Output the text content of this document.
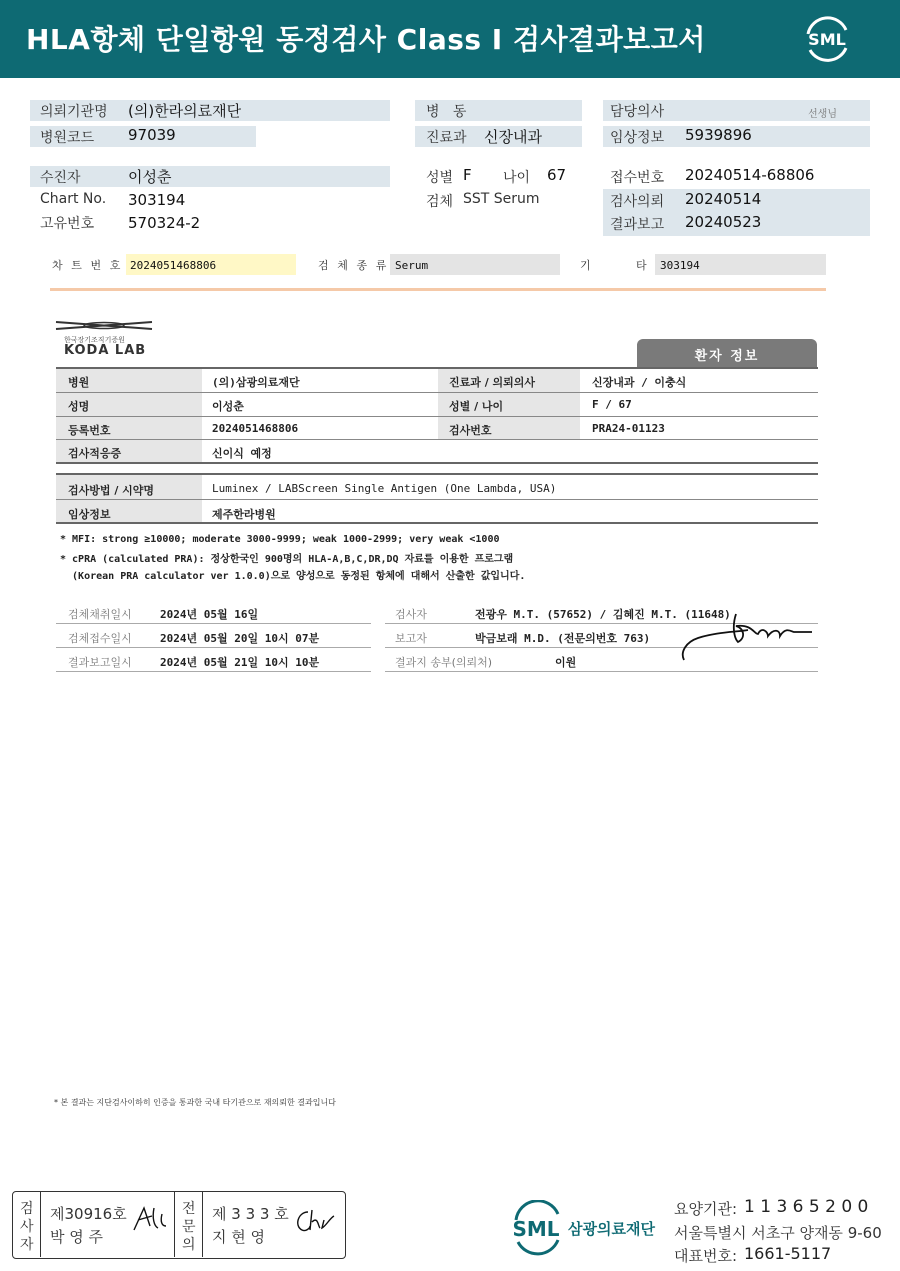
HLA항체 단일항원 동정검사 Class I 검사결과보고서	SML
의뢰기관명 (의)한라의료재단
병원코드 97039
병   동
진료과 신장내과
담당의사	선생님
임상정보 5939896
수진자	이성춘
Chart No. 303194
고유번호 570324-2
성별 F 나이 67
검체 SST Serum
접수번호 20240514-68806
검사의뢰 20240514
결과보고 20240523
차 트 번 호 2024051468806	검 체 종 류 Serum	기	타 303194
한국장기조직기증원
KODA LAB	환자 정보
병원	(의)삼광의료재단	진료과 / 의뢰의사	신장내과 / 이충식
성명	이성춘	성별 / 나이	F / 67
등록번호	2024051468806	검사번호	PRA24-01123
검사적응증	신이식 예정
검사방법 / 시약명	Luminex / LABScreen Single Antigen (One Lambda, USA)
임상정보	제주한라병원
* MFI: strong ≥10000; moderate 3000-9999; weak 1000-2999; very weak <1000
* cPRA (calculated PRA): 정상한국인 900명의 HLA-A,B,C,DR,DQ 자료를 이용한 프로그램
(Korean PRA calculator ver 1.0.0)으로 양성으로 동정된 항체에 대해서 산출한 값입니다.
검체채취일시	2024년 05월 16일	검사자	전광우 M.T. (57652) / 김혜진 M.T. (11648)
검체접수일시	2024년 05월 20일 10시 07분	보고자	박금보래 M.D. (전문의번호 763)
결과보고일시	2024년 05월 21일 10시 10분	결과지 송부(의뢰처)	이원
* 본 결과는 지단검사이하히 인증을 통과한 국내 타기관으로 재의뢰한 결과입니다
검
사
자
제30916호
박 영 주
전
문
의
제 3 3 3 호
지 현 영	SML 삼광의료재단
요양기관: 1 1 3 6 5 2 0 0
서울특별시 서초구 양재동 9-60
대표번호: 1661-5117
